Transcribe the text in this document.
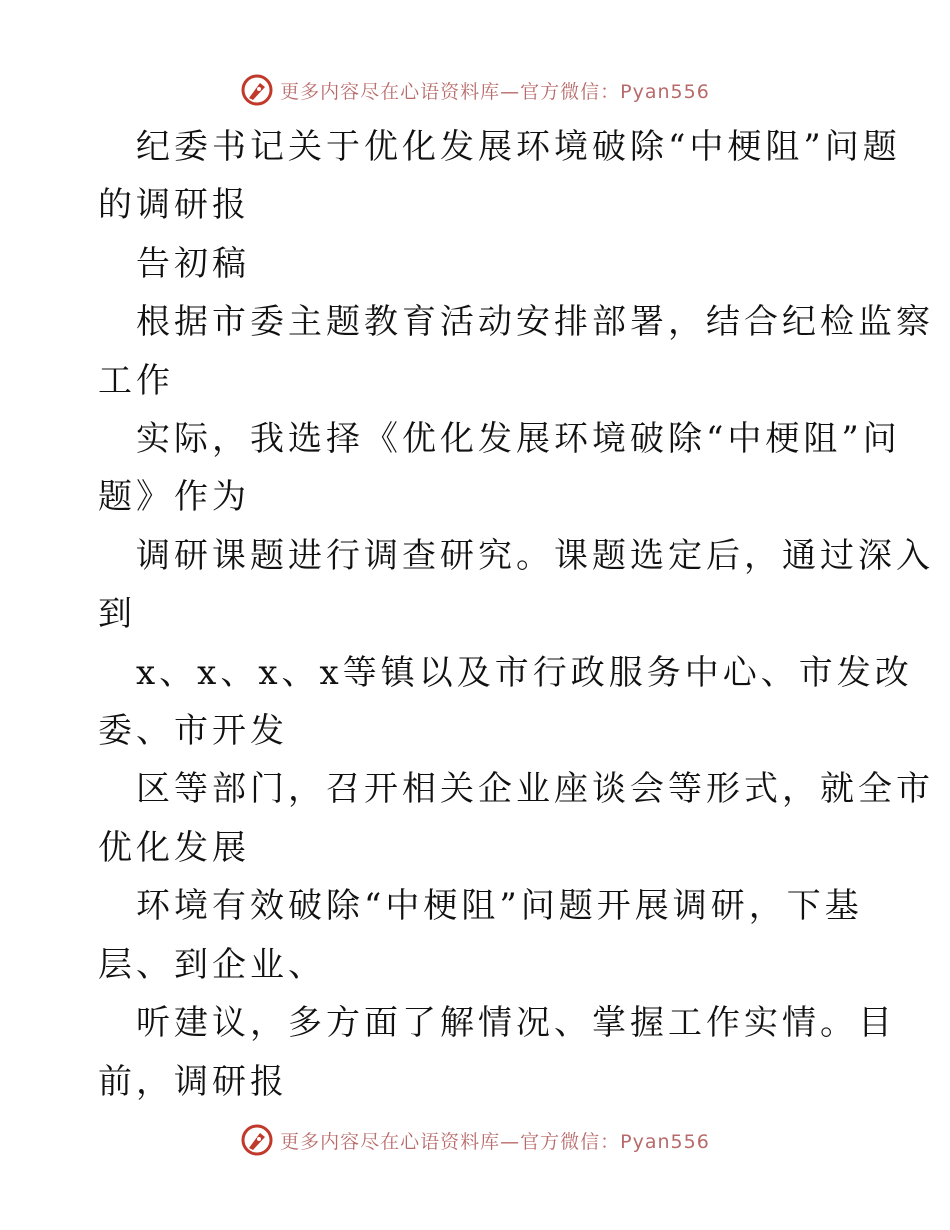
更多内容尽在心语资料库—官方微信：Pyan556

纪委书记关于优化发展环境破除“中梗阻”问题

的调研报

告初稿

根据市委主题教育活动安排部署，结合纪检监察

工作

实际，我选择《优化发展环境破除“中梗阻”问

题》作为

调研课题进行调查研究。课题选定后，通过深入

到

x、x、x、x等镇以及市行政服务中心、市发改

委、市开发

区等部门，召开相关企业座谈会等形式，就全市

优化发展

环境有效破除“中梗阻”问题开展调研，下基

层、到企业、

听建议，多方面了解情况、掌握工作实情。目

前，调研报

更多内容尽在心语资料库—官方微信：Pyan556
